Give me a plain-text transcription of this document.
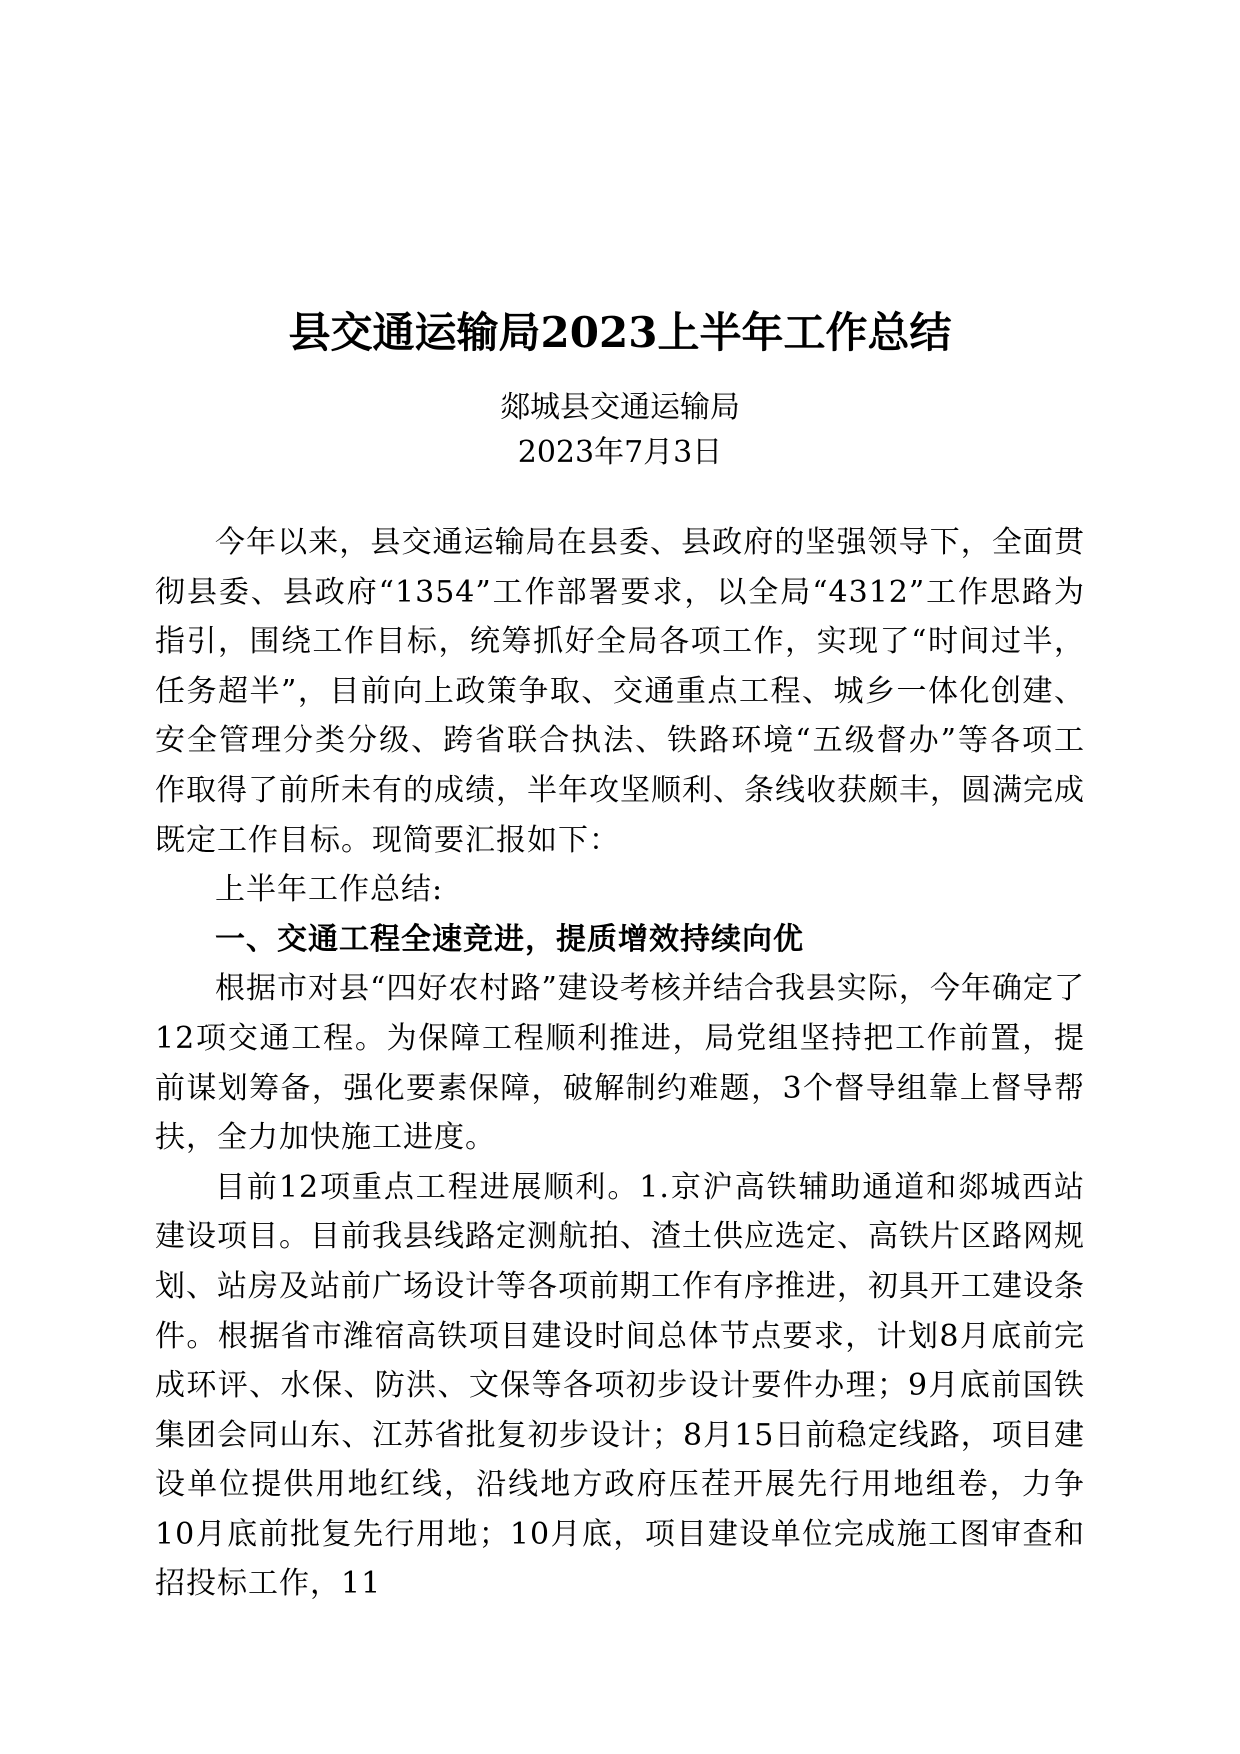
县交通运输局2023上半年工作总结
郯城县交通运输局
2023年7月3日

今年以来，县交通运输局在县委、县政府的坚强领导下，全面贯彻县委、县政府“1354”工作部署要求，以全局“4312”工作思路为指引，围绕工作目标，统筹抓好全局各项工作，实现了“时间过半，任务超半”，目前向上政策争取、交通重点工程、城乡一体化创建、安全管理分类分级、跨省联合执法、铁路环境“五级督办”等各项工作取得了前所未有的成绩，半年攻坚顺利、条线收获颇丰，圆满完成既定工作目标。现简要汇报如下：

上半年工作总结:

一、交通工程全速竞进，提质增效持续向优

根据市对县“四好农村路”建设考核并结合我县实际，今年确定了12项交通工程。为保障工程顺利推进，局党组坚持把工作前置，提前谋划筹备，强化要素保障，破解制约难题，3个督导组靠上督导帮扶，全力加快施工进度。

目前12项重点工程进展顺利。1.京沪高铁辅助通道和郯城西站建设项目。目前我县线路定测航拍、渣土供应选定、高铁片区路网规划、站房及站前广场设计等各项前期工作有序推进，初具开工建设条件。根据省市潍宿高铁项目建设时间总体节点要求，计划8月底前完成环评、水保、防洪、文保等各项初步设计要件办理；9月底前国铁集团会同山东、江苏省批复初步设计；8月15日前稳定线路，项目建设单位提供用地红线，沿线地方政府压茬开展先行用地组卷，力争10月底前批复先行用地；10月底，项目建设单位完成施工图审查和招投标工作，11
